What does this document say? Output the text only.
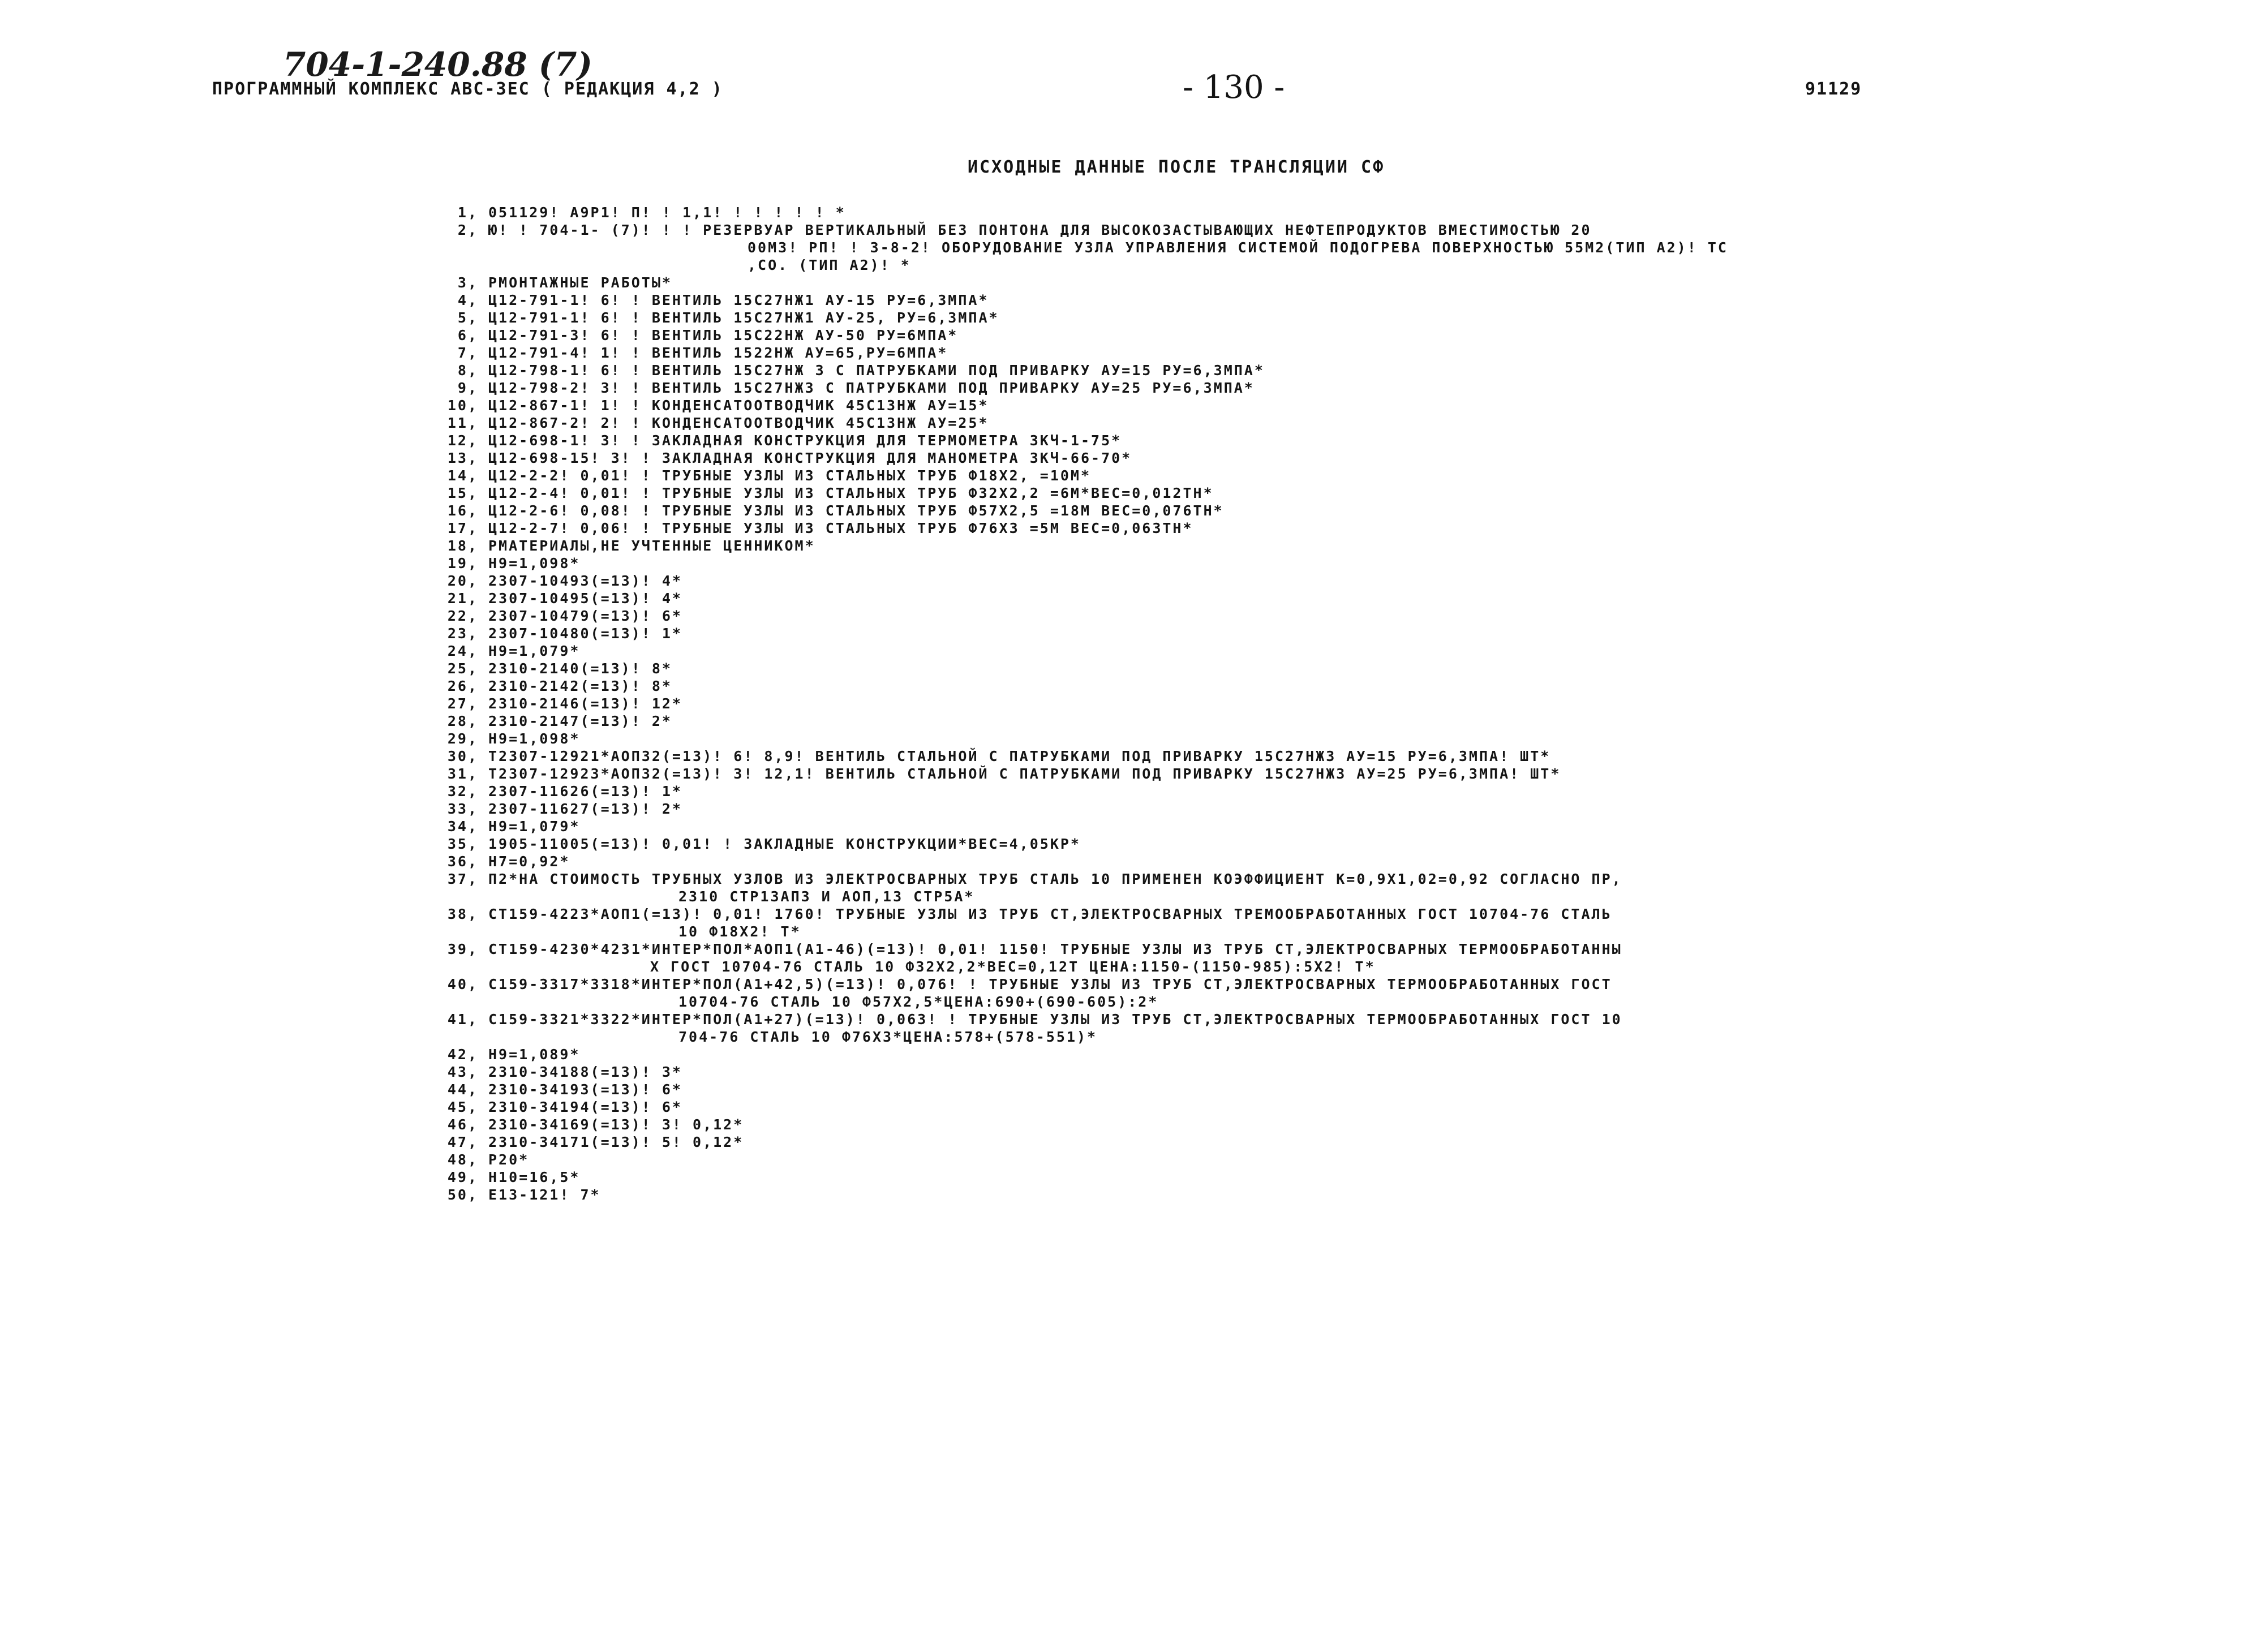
704-1-240.88 (7)
ПРОГРАММНЫЙ КОМПЛЕКС АВС-3ЕС ( РЕДАКЦИЯ 4,2 )	- 130 -	91129
ИСХОДНЫЕ ДАННЫЕ ПОСЛЕ ТРАНСЛЯЦИИ СФ
1, 051129! А9Р1! П! ! 1,1! ! ! ! ! ! *
2, Ю! ! 704-1- (7)! ! ! РЕЗЕРВУАР ВЕРТИКАЛЬНЫЙ БЕЗ ПОНТОНА ДЛЯ ВЫСОКОЗАСТЫВАЮЩИХ НЕФТЕПРОДУКТОВ ВМЕСТИМОСТЬЮ 20
00М3! РП! ! 3-8-2! ОБОРУДОВАНИЕ УЗЛА УПРАВЛЕНИЯ СИСТЕМОЙ ПОДОГРЕВА ПОВЕРХНОСТЬЮ 55М2(ТИП А2)! ТС
,СО. (ТИП А2)! *
3, РМОНТАЖНЫЕ РАБОТЫ*
4, Ц12-791-1! 6! ! ВЕНТИЛЬ 15С27НЖ1 АУ-15 РУ=6,3МПА*
5, Ц12-791-1! 6! ! ВЕНТИЛЬ 15С27НЖ1 АУ-25, РУ=6,3МПА*
6, Ц12-791-3! 6! ! ВЕНТИЛЬ 15С22НЖ АУ-50 РУ=6МПА*
7, Ц12-791-4! 1! ! ВЕНТИЛЬ 1522НЖ АУ=65,РУ=6МПА*
8, Ц12-798-1! 6! ! ВЕНТИЛЬ 15С27НЖ 3 С ПАТРУБКАМИ ПОД ПРИВАРКУ АУ=15 РУ=6,3МПА*
9, Ц12-798-2! 3! ! ВЕНТИЛЬ 15С27НЖ3 С ПАТРУБКАМИ ПОД ПРИВАРКУ АУ=25 РУ=6,3МПА*
10, Ц12-867-1! 1! ! КОНДЕНСАТООТВОДЧИК 45С13НЖ АУ=15*
11, Ц12-867-2! 2! ! КОНДЕНСАТООТВОДЧИК 45С13НЖ АУ=25*
12, Ц12-698-1! 3! ! ЗАКЛАДНАЯ КОНСТРУКЦИЯ ДЛЯ ТЕРМОМЕТРА ЗКЧ-1-75*
13, Ц12-698-15! 3! ! ЗАКЛАДНАЯ КОНСТРУКЦИЯ ДЛЯ МАНОМЕТРА ЗКЧ-66-70*
14, Ц12-2-2! 0,01! ! ТРУБНЫЕ УЗЛЫ ИЗ СТАЛЬНЫХ ТРУБ Ф18Х2, =10М*
15, Ц12-2-4! 0,01! ! ТРУБНЫЕ УЗЛЫ ИЗ СТАЛЬНЫХ ТРУБ Ф32Х2,2 =6М*ВЕС=0,012ТН*
16, Ц12-2-6! 0,08! ! ТРУБНЫЕ УЗЛЫ ИЗ СТАЛЬНЫХ ТРУБ Ф57Х2,5 =18М ВЕС=0,076ТН*
17, Ц12-2-7! 0,06! ! ТРУБНЫЕ УЗЛЫ ИЗ СТАЛЬНЫХ ТРУБ Ф76Х3 =5М ВЕС=0,063ТН*
18, РМАТЕРИАЛЫ,НЕ УЧТЕННЫЕ ЦЕННИКОМ*
19, Н9=1,098*
20, 2307-10493(=13)! 4*
21, 2307-10495(=13)! 4*
22, 2307-10479(=13)! 6*
23, 2307-10480(=13)! 1*
24, Н9=1,079*
25, 2310-2140(=13)! 8*
26, 2310-2142(=13)! 8*
27, 2310-2146(=13)! 12*
28, 2310-2147(=13)! 2*
29, Н9=1,098*
30, Т2307-12921*АОП32(=13)! 6! 8,9! ВЕНТИЛЬ СТАЛЬНОЙ С ПАТРУБКАМИ ПОД ПРИВАРКУ 15С27НЖ3 АУ=15 РУ=6,3МПА! ШТ*
31, Т2307-12923*АОП32(=13)! 3! 12,1! ВЕНТИЛЬ СТАЛЬНОЙ С ПАТРУБКАМИ ПОД ПРИВАРКУ 15С27НЖ3 АУ=25 РУ=6,3МПА! ШТ*
32, 2307-11626(=13)! 1*
33, 2307-11627(=13)! 2*
34, Н9=1,079*
35, 1905-11005(=13)! 0,01! ! ЗАКЛАДНЫЕ КОНСТРУКЦИИ*ВЕС=4,05КР*
36, Н7=0,92*
37, П2*НА СТОИМОСТЬ ТРУБНЫХ УЗЛОВ ИЗ ЭЛЕКТРОСВАРНЫХ ТРУБ СТАЛЬ 10 ПРИМЕНЕН КОЭФФИЦИЕНТ К=0,9Х1,02=0,92 СОГЛАСНО ПР,
2310 СТР13АП3 И АОП,13 СТР5А*
38, СТ159-4223*АОП1(=13)! 0,01! 1760! ТРУБНЫЕ УЗЛЫ ИЗ ТРУБ СТ,ЭЛЕКТРОСВАРНЫХ ТРЕМООБРАБОТАННЫХ ГОСТ 10704-76 СТАЛЬ
10 Ф18Х2! Т*
39, СТ159-4230*4231*ИНТЕР*ПОЛ*АОП1(А1-46)(=13)! 0,01! 1150! ТРУБНЫЕ УЗЛЫ ИЗ ТРУБ СТ,ЭЛЕКТРОСВАРНЫХ ТЕРМООБРАБОТАННЫ
Х ГОСТ 10704-76 СТАЛЬ 10 Ф32Х2,2*ВЕС=0,12Т ЦЕНА:1150-(1150-985):5Х2! Т*
40, С159-3317*3318*ИНТЕР*ПОЛ(А1+42,5)(=13)! 0,076! ! ТРУБНЫЕ УЗЛЫ ИЗ ТРУБ СТ,ЭЛЕКТРОСВАРНЫХ ТЕРМООБРАБОТАННЫХ ГОСТ
10704-76 СТАЛЬ 10 Ф57Х2,5*ЦЕНА:690+(690-605):2*
41, С159-3321*3322*ИНТЕР*ПОЛ(А1+27)(=13)! 0,063! ! ТРУБНЫЕ УЗЛЫ ИЗ ТРУБ СТ,ЭЛЕКТРОСВАРНЫХ ТЕРМООБРАБОТАННЫХ ГОСТ 10
704-76 СТАЛЬ 10 Ф76Х3*ЦЕНА:578+(578-551)*
42, Н9=1,089*
43, 2310-34188(=13)! 3*
44, 2310-34193(=13)! 6*
45, 2310-34194(=13)! 6*
46, 2310-34169(=13)! 3! 0,12*
47, 2310-34171(=13)! 5! 0,12*
48, Р20*
49, Н10=16,5*
50, Е13-121! 7*
